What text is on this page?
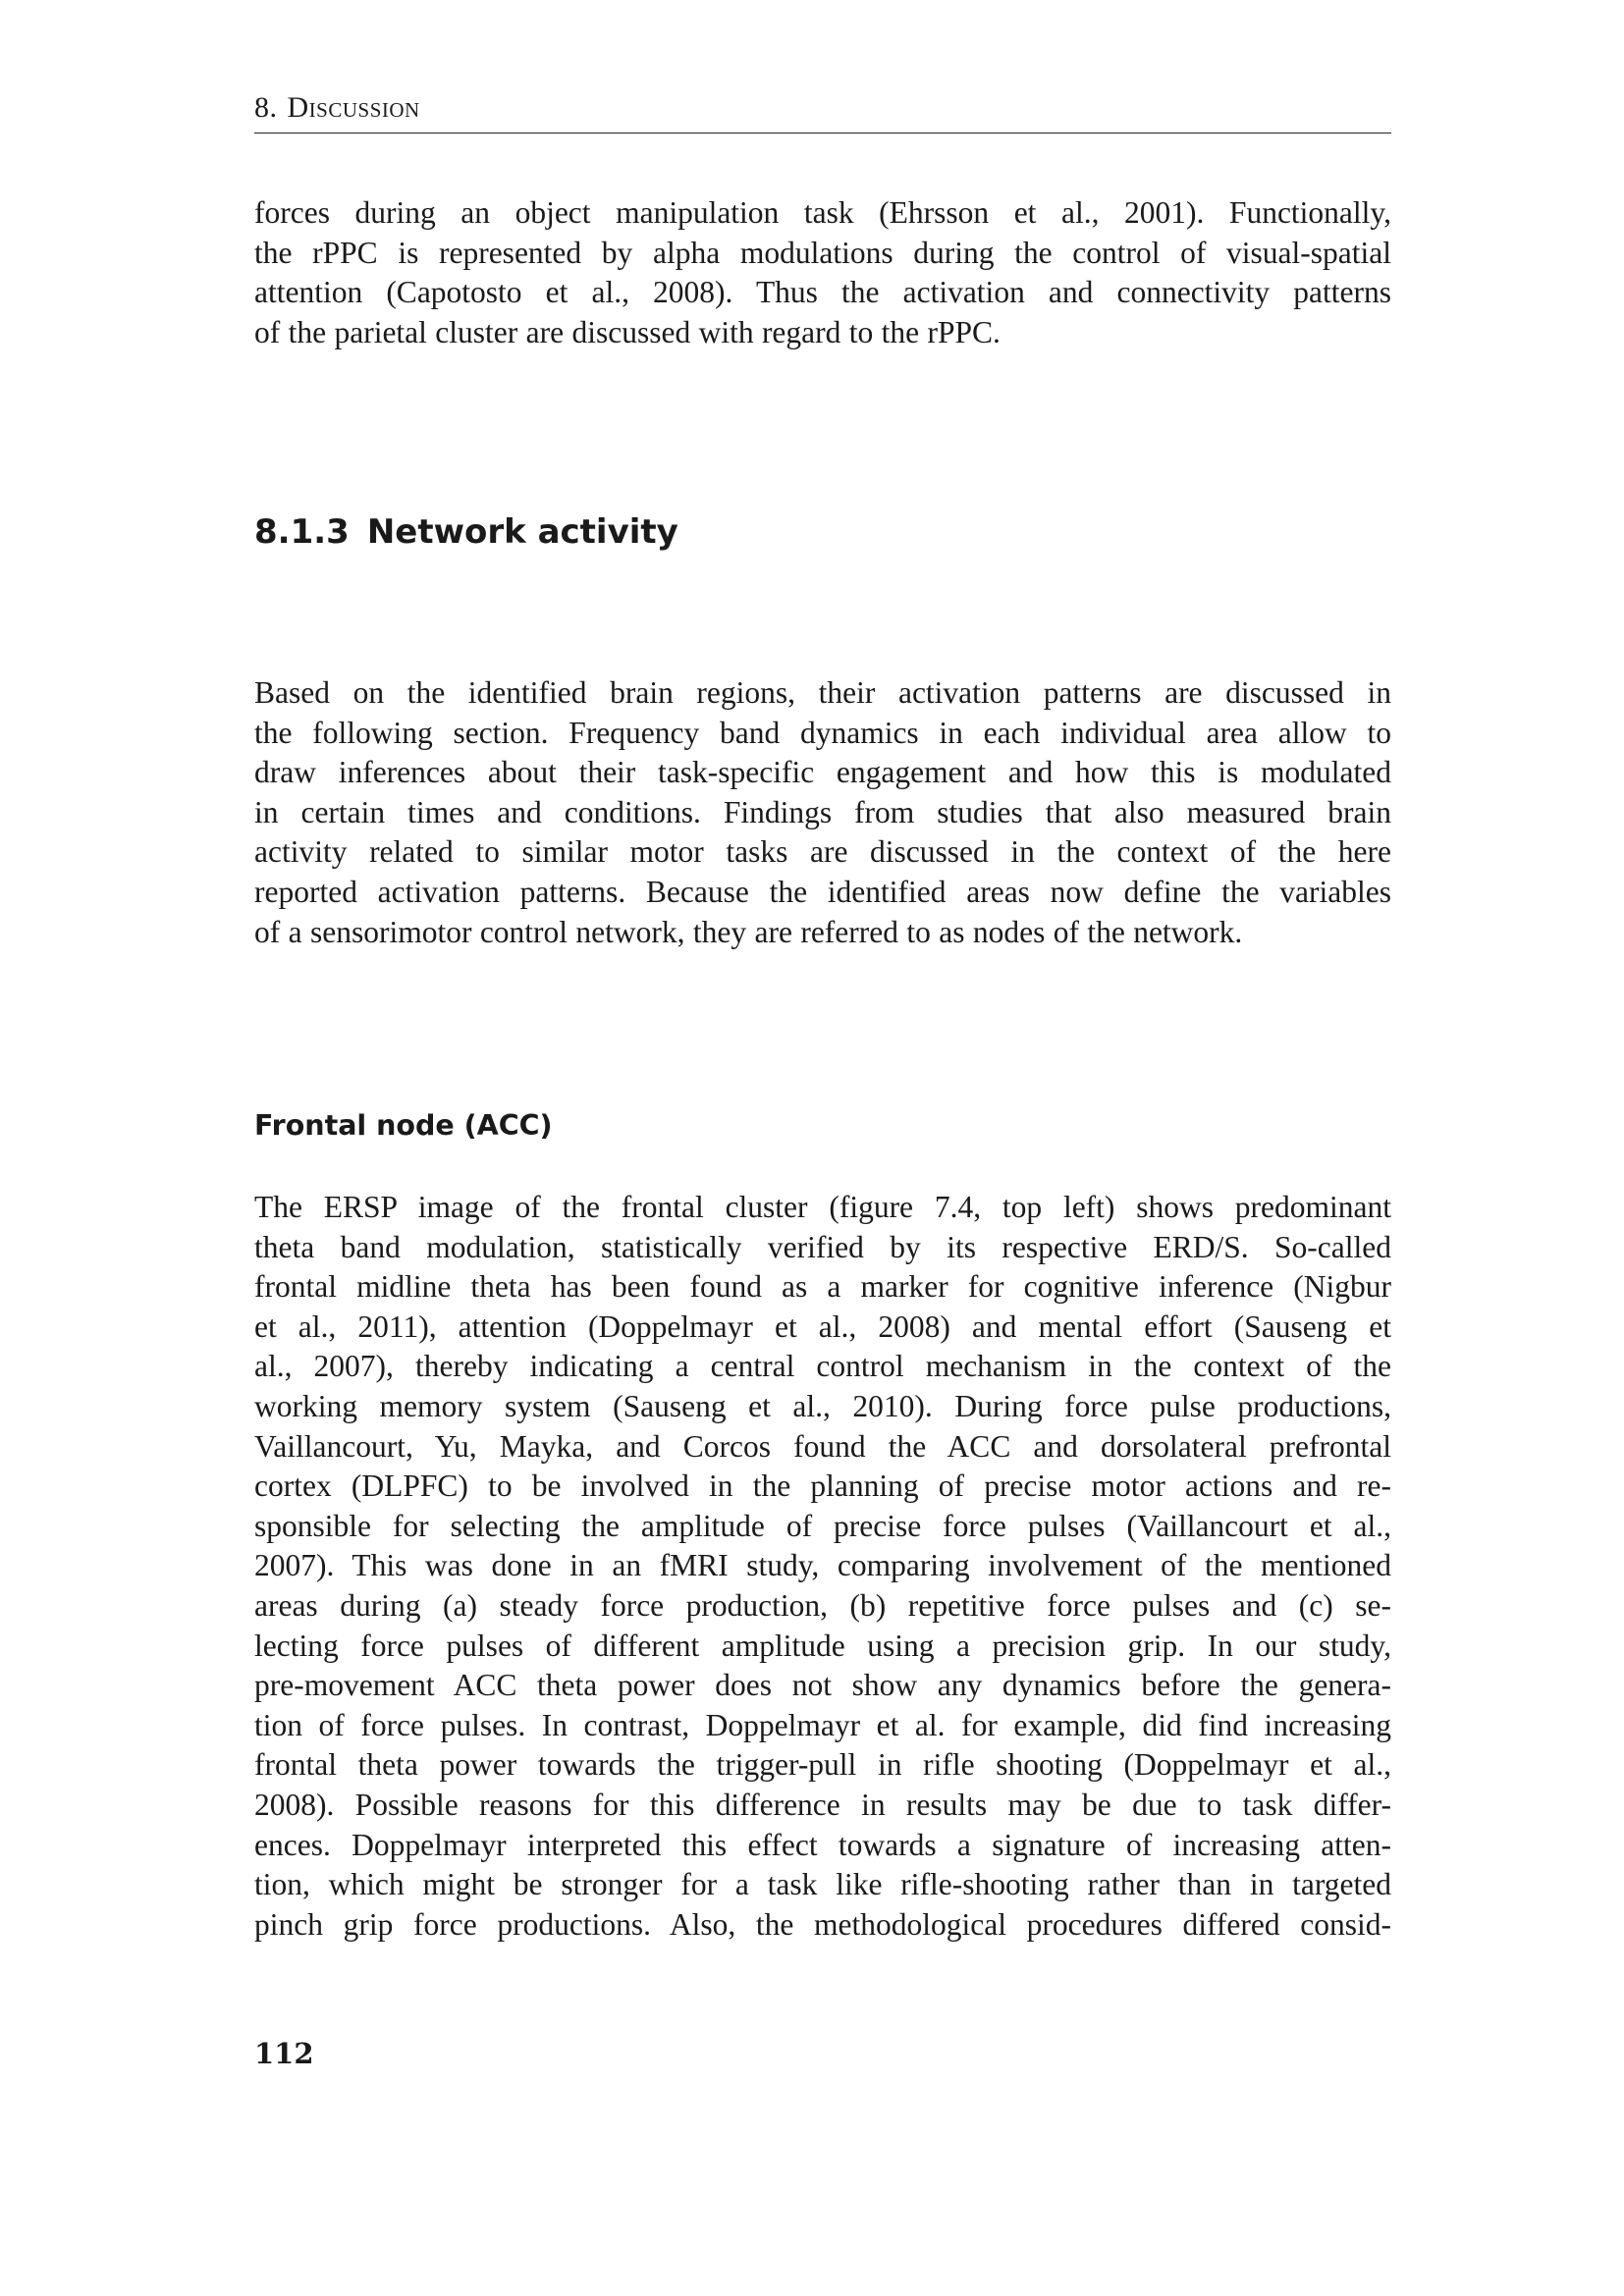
8. Discussion

forces during an object manipulation task (Ehrsson et al., 2001). Functionally,
the rPPC is represented by alpha modulations during the control of visual-spatial
attention (Capotosto et al., 2008). Thus the activation and connectivity patterns
of the parietal cluster are discussed with regard to the rPPC.

8.1.3 Network activity

Based on the identified brain regions, their activation patterns are discussed in
the following section. Frequency band dynamics in each individual area allow to
draw inferences about their task-specific engagement and how this is modulated
in certain times and conditions. Findings from studies that also measured brain
activity related to similar motor tasks are discussed in the context of the here
reported activation patterns. Because the identified areas now define the variables
of a sensorimotor control network, they are referred to as nodes of the network.

Frontal node (ACC)

The ERSP image of the frontal cluster (figure 7.4, top left) shows predominant
theta band modulation, statistically verified by its respective ERD/S. So-called
frontal midline theta has been found as a marker for cognitive inference (Nigbur
et al., 2011), attention (Doppelmayr et al., 2008) and mental effort (Sauseng et
al., 2007), thereby indicating a central control mechanism in the context of the
working memory system (Sauseng et al., 2010). During force pulse productions,
Vaillancourt, Yu, Mayka, and Corcos found the ACC and dorsolateral prefrontal
cortex (DLPFC) to be involved in the planning of precise motor actions and re-
sponsible for selecting the amplitude of precise force pulses (Vaillancourt et al.,
2007). This was done in an fMRI study, comparing involvement of the mentioned
areas during (a) steady force production, (b) repetitive force pulses and (c) se-
lecting force pulses of different amplitude using a precision grip. In our study,
pre-movement ACC theta power does not show any dynamics before the genera-
tion of force pulses. In contrast, Doppelmayr et al. for example, did find increasing
frontal theta power towards the trigger-pull in rifle shooting (Doppelmayr et al.,
2008). Possible reasons for this difference in results may be due to task differ-
ences. Doppelmayr interpreted this effect towards a signature of increasing atten-
tion, which might be stronger for a task like rifle-shooting rather than in targeted
pinch grip force productions. Also, the methodological procedures differed consid-

112
